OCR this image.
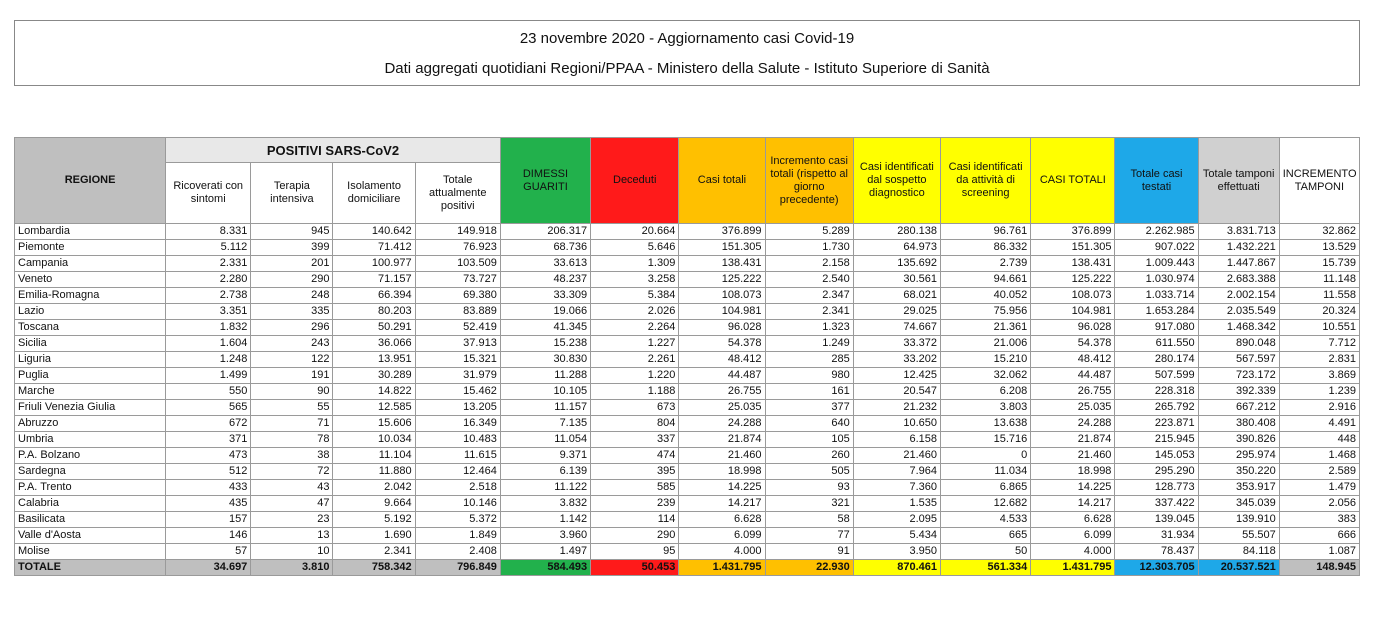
23 novembre 2020 - Aggiornamento casi Covid-19
Dati aggregati quotidiani Regioni/PPAA - Ministero della Salute - Istituto Superiore di Sanità
REGIONE	POSITIVI SARS-CoV2				DIMESSI GUARITI	Deceduti	Casi totali	Incremento casi totali (rispetto al giorno precedente)	Casi identificati dal sospetto diagnostico	Casi identificati da attività di screening	CASI TOTALI	Totale casi testati	Totale tamponi effettuati	INCREMENTO TAMPONI
	Ricoverati con sintomi	Terapia intensiva	Isolamento domiciliare	Totale attualmente positivi										
Lombardia	8.331	945	140.642	149.918	206.317	20.664	376.899	5.289	280.138	96.761	376.899	2.262.985	3.831.713	32.862
Piemonte	5.112	399	71.412	76.923	68.736	5.646	151.305	1.730	64.973	86.332	151.305	907.022	1.432.221	13.529
Campania	2.331	201	100.977	103.509	33.613	1.309	138.431	2.158	135.692	2.739	138.431	1.009.443	1.447.867	15.739
Veneto	2.280	290	71.157	73.727	48.237	3.258	125.222	2.540	30.561	94.661	125.222	1.030.974	2.683.388	11.148
Emilia-Romagna	2.738	248	66.394	69.380	33.309	5.384	108.073	2.347	68.021	40.052	108.073	1.033.714	2.002.154	11.558
Lazio	3.351	335	80.203	83.889	19.066	2.026	104.981	2.341	29.025	75.956	104.981	1.653.284	2.035.549	20.324
Toscana	1.832	296	50.291	52.419	41.345	2.264	96.028	1.323	74.667	21.361	96.028	917.080	1.468.342	10.551
Sicilia	1.604	243	36.066	37.913	15.238	1.227	54.378	1.249	33.372	21.006	54.378	611.550	890.048	7.712
Liguria	1.248	122	13.951	15.321	30.830	2.261	48.412	285	33.202	15.210	48.412	280.174	567.597	2.831
Puglia	1.499	191	30.289	31.979	11.288	1.220	44.487	980	12.425	32.062	44.487	507.599	723.172	3.869
Marche	550	90	14.822	15.462	10.105	1.188	26.755	161	20.547	6.208	26.755	228.318	392.339	1.239
Friuli Venezia Giulia	565	55	12.585	13.205	11.157	673	25.035	377	21.232	3.803	25.035	265.792	667.212	2.916
Abruzzo	672	71	15.606	16.349	7.135	804	24.288	640	10.650	13.638	24.288	223.871	380.408	4.491
Umbria	371	78	10.034	10.483	11.054	337	21.874	105	6.158	15.716	21.874	215.945	390.826	448
P.A. Bolzano	473	38	11.104	11.615	9.371	474	21.460	260	21.460	0	21.460	145.053	295.974	1.468
Sardegna	512	72	11.880	12.464	6.139	395	18.998	505	7.964	11.034	18.998	295.290	350.220	2.589
P.A. Trento	433	43	2.042	2.518	11.122	585	14.225	93	7.360	6.865	14.225	128.773	353.917	1.479
Calabria	435	47	9.664	10.146	3.832	239	14.217	321	1.535	12.682	14.217	337.422	345.039	2.056
Basilicata	157	23	5.192	5.372	1.142	114	6.628	58	2.095	4.533	6.628	139.045	139.910	383
Valle d'Aosta	146	13	1.690	1.849	3.960	290	6.099	77	5.434	665	6.099	31.934	55.507	666
Molise	57	10	2.341	2.408	1.497	95	4.000	91	3.950	50	4.000	78.437	84.118	1.087
TOTALE	34.697	3.810	758.342	796.849	584.493	50.453	1.431.795	22.930	870.461	561.334	1.431.795	12.303.705	20.537.521	148.945
